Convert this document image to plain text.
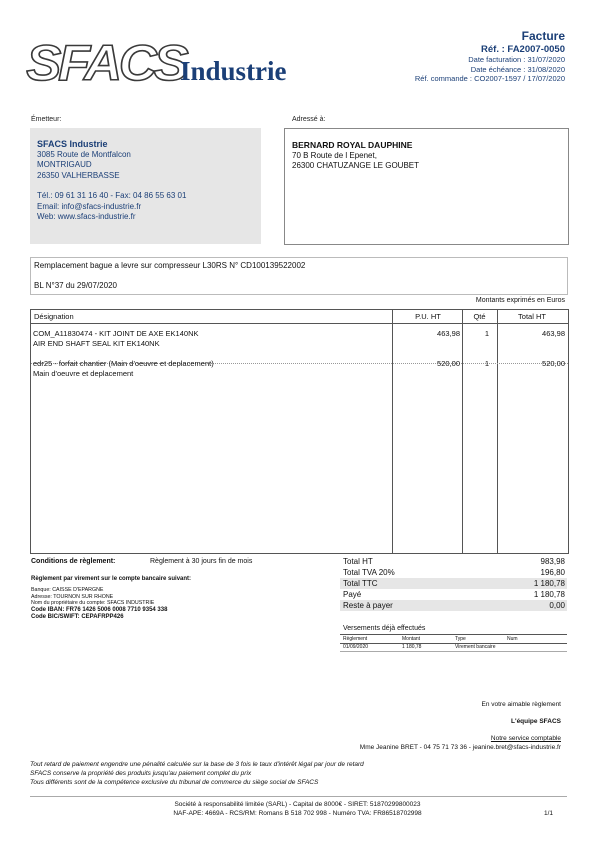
SFACS
Industrie
Facture
Réf. : FA2007-0050
Date facturation : 31/07/2020
Date échéance : 31/08/2020
Réf. commande : CO2007-1597 / 17/07/2020
Émetteur:
SFACS Industrie
3085 Route de Montfalcon
MONTRIGAUD
26350 VALHERBASSE
Tél.: 09 61 31 16 40 - Fax: 04 86 55 63 01
Email: info@sfacs-industrie.fr
Web: www.sfacs-industrie.fr
Adressé à:
BERNARD ROYAL DAUPHINE
70 B Route de l Epenet,
26300 CHATUZANGE LE GOUBET
Remplacement bague a levre sur compresseur L30RS N° CD100139522002
BL N°37 du 29/07/2020
Montants exprimés en Euros
Désignation	P.U. HT	Qté	Total HT
COM_A11830474 - KIT JOINT DE AXE EK140NK
AIR END SHAFT SEAL KIT EK140NK
463,98	1	463,98
edr25 - forfait chantier (Main d'oeuvre et deplacement)
Main d'oeuvre et deplacement
520,00	1	520,00
Conditions de règlement:	Règlement à 30 jours fin de mois
Règlement par virement sur le compte bancaire suivant:
Banque: CAISSE D'EPARGNE
Adresse: TOURNON SUR RHONE
Nom du propriétaire du compte: SFACS INDUSTRIE
Code IBAN: FR76 1426 5006 0008 7710 9354 338
Code BIC/SWIFT: CEPAFRPP426
Total HT	983,98
Total TVA 20%	196,80
Total TTC	1 180,78
Payé	1 180,78
Reste à payer	0,00
Versements déjà effectués
Règlement	Montant	Type	Num
01/09/2020	1 180,78	Virement bancaire
En votre aimable règlement
L'équipe SFACS
Notre service comptable
Mme Jeanine BRET - 04 75 71 73 36 - jeanine.bret@sfacs-industrie.fr
Tout retard de paiement engendre une pénalité calculée sur la base de 3 fois le taux d'intérêt légal par jour de retard
SFACS conserve la propriété des produits jusqu'au paiement complet du prix
Tous différents sont de la compétence exclusive du tribunal de commerce du siège social de SFACS
Société à responsabilité limitée (SARL) - Capital de 8000€ - SIRET: 51870299800023
NAF-APE: 4669A - RCS/RM: Romans B 518 702 998 - Numéro TVA: FR86518702998	1/1
